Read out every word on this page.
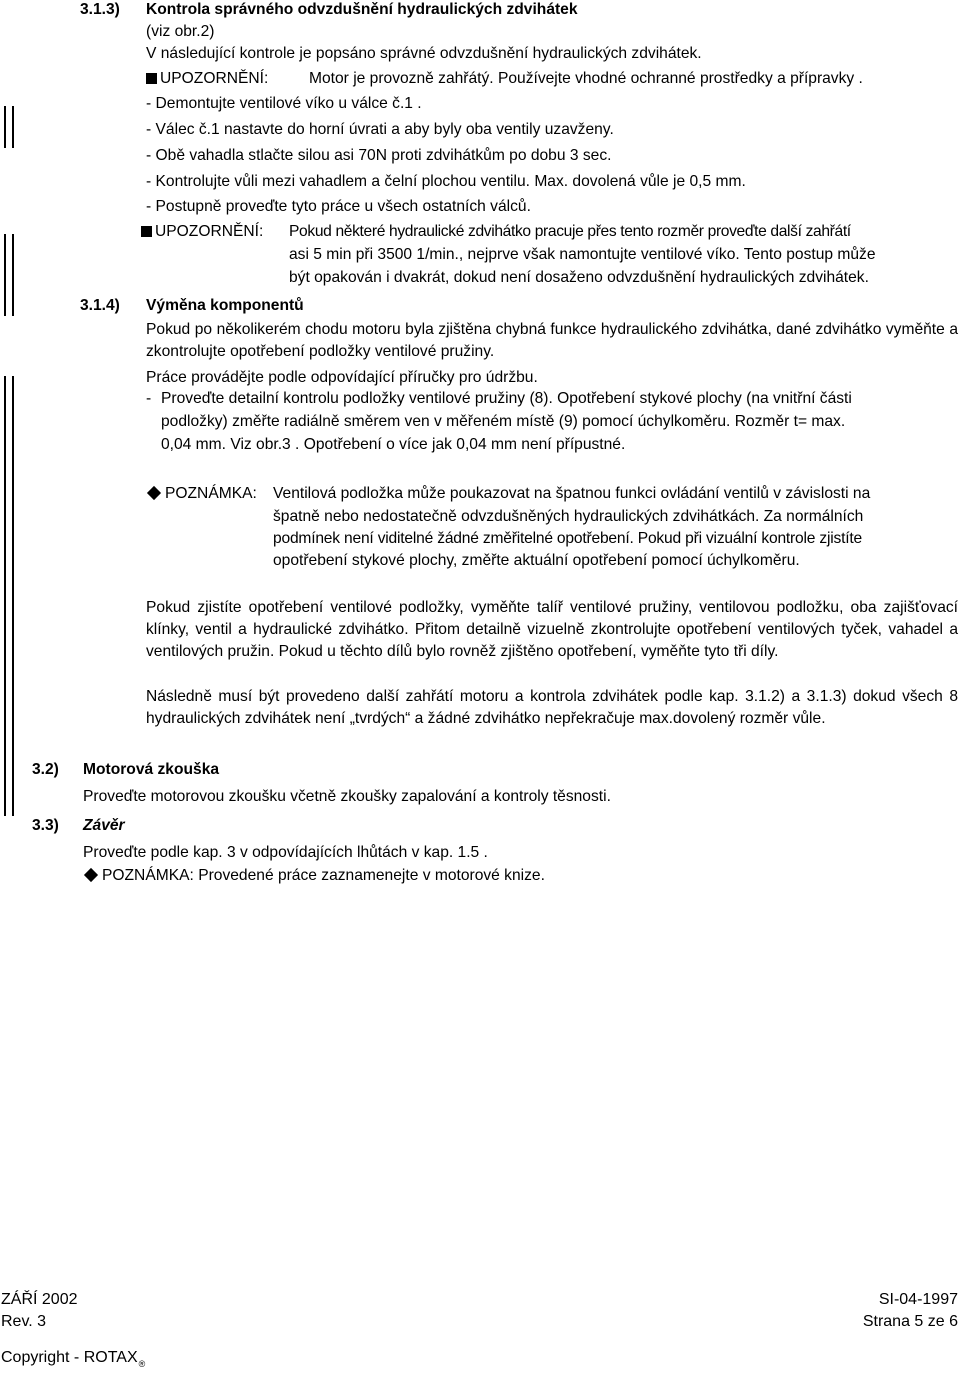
3.1.3) Kontrola správného odvzdušnění hydraulických zdvihátek
(viz obr.2)
V následující kontrole je popsáno správné odvzdušnění hydraulických zdvihátek.
UPOZORNĚNÍ:	Motor je provozně zahřátý. Používejte vhodné ochranné prostředky a přípravky .
- Demontujte ventilové víko u válce č.1 .
- Válec č.1 nastavte do horní úvrati a aby byly oba ventily uzavženy.
- Obě vahadla stlačte silou asi 70N proti zdvihátkům po dobu 3 sec.
- Kontrolujte vůli mezi vahadlem a čelní plochou ventilu. Max. dovolená vůle je 0,5 mm.
- Postupně proveďte tyto práce u všech ostatních válců.
UPOZORNĚNÍ: Pokud některé hydraulické zdvihátko pracuje přes tento rozměr proveďte další zahřátí
asi 5 min při 3500 1/min., nejprve však namontujte ventilové víko. Tento postup může
být opakován i dvakrát, dokud není dosaženo odvzdušnění hydraulických zdvihátek.
3.1.4) Výměna komponentů
Pokud po několikerém chodu motoru byla zjištěna chybná funkce hydraulického zdvihátka, dané zdvihátko vyměňte a zkontrolujte opotřebení podložky ventilové pružiny.
Práce provádějte podle odpovídající příručky pro údržbu.
- Proveďte detailní kontrolu podložky ventilové pružiny (8). Opotřebení stykové plochy (na vnitřní části
podložky) změřte radiálně směrem ven v měřeném místě (9) pomocí úchylkoměru. Rozměr t= max.
0,04 mm. Viz obr.3 . Opotřebení o více jak 0,04 mm není přípustné.
POZNÁMKA: Ventilová podložka může poukazovat na špatnou funkci ovládání ventilů v závislosti na
špatně nebo nedostatečně odvzdušněných hydraulických zdvihátkách. Za normálních
podmínek není viditelné žádné změřitelné opotřebení. Pokud při vizuální kontrole zjistíte
opotřebení stykové plochy, změřte aktuální opotřebení pomocí úchylkoměru.
Pokud zjistíte opotřebení ventilové podložky, vyměňte talíř ventilové pružiny, ventilovou podložku, oba zajišťovací klínky, ventil a hydraulické zdvihátko. Přitom detailně vizuelně zkontrolujte opotřebení ventilových tyček, vahadel a ventilových pružin. Pokud u těchto dílů bylo rovněž zjištěno opotřebení, vyměňte tyto tři díly.
Následně musí být provedeno další zahřátí motoru a kontrola zdvihátek podle kap. 3.1.2) a 3.1.3) dokud všech 8 hydraulických zdvihátek není „tvrdých“ a žádné zdvihátko nepřekračuje max.dovolený rozměr vůle.
3.2) Motorová zkouška
Proveďte motorovou zkoušku včetně zkoušky zapalování a kontroly těsnosti.
3.3) Závěr
Proveďte podle kap. 3 v odpovídajících lhůtách v kap. 1.5 .
POZNÁMKA: Provedené práce zaznamenejte v motorové knize.
ZÁŘÍ 2002	SI-04-1997
Rev. 3	Strana 5 ze 6
Copyright - $ROTAX_®$
